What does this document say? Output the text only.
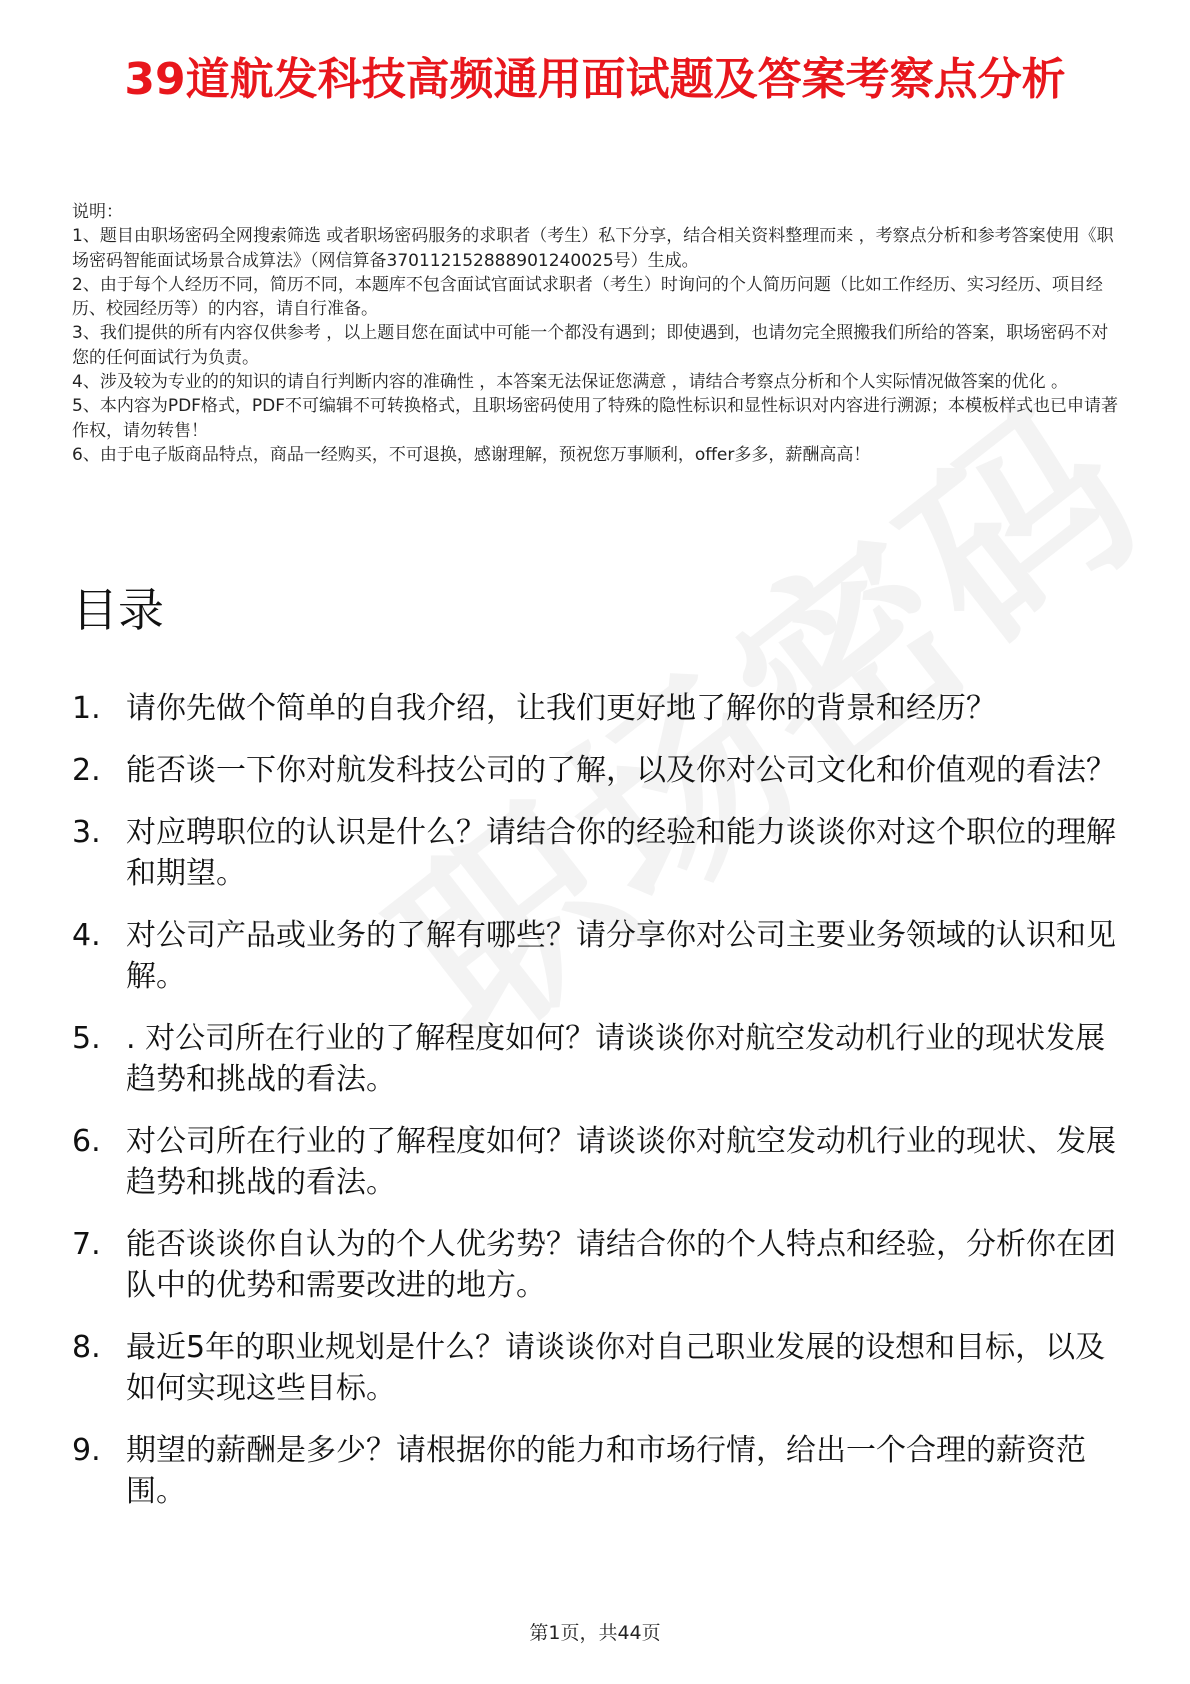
39道航发科技高频通用面试题及答案考察点分析

说明：

1、题目由职场密码全网搜索筛选 或者职场密码服务的求职者（考生）私下分享，结合相关资料整理而来 ，考察点分析和参考答案使用《职场密码智能面试场景合成算法》（网信算备370112152888901240025号）生成。

2、由于每个人经历不同，简历不同，本题库不包含面试官面试求职者（考生）时询问的个人简历问题（比如工作经历、实习经历、项目经历、校园经历等）的内容，请自行准备。

3、我们提供的所有内容仅供参考 ，以上题目您在面试中可能一个都没有遇到；即使遇到，也请勿完全照搬我们所给的答案，职场密码不对您的任何面试行为负责。

4、涉及较为专业的的知识的请自行判断内容的准确性 ，本答案无法保证您满意 ，请结合考察点分析和个人实际情况做答案的优化 。

5、本内容为PDF格式，PDF不可编辑不可转换格式，且职场密码使用了特殊的隐性标识和显性标识对内容进行溯源；本模板样式也已申请著作权，请勿转售！

6、由于电子版商品特点，商品一经购买，不可退换，感谢理解，预祝您万事顺利，offer多多，薪酬高高！

目录
1. 请你先做个简单的自我介绍，让我们更好地了解你的背景和经历？
2. 能否谈一下你对航发科技公司的了解，以及你对公司文化和价值观的看法？
3. 对应聘职位的认识是什么？请结合你的经验和能力谈谈你对这个职位的理解和期望。
4. 对公司产品或业务的了解有哪些？请分享你对公司主要业务领域的认识和见解。
5. . 对公司所在行业的了解程度如何？请谈谈你对航空发动机行业的现状发展趋势和挑战的看法。
6. 对公司所在行业的了解程度如何？请谈谈你对航空发动机行业的现状、发展趋势和挑战的看法。
7. 能否谈谈你自认为的个人优劣势？请结合你的个人特点和经验，分析你在团队中的优势和需要改进的地方。
8. 最近5年的职业规划是什么？请谈谈你对自己职业发展的设想和目标，以及如何实现这些目标。
9. 期望的薪酬是多少？请根据你的能力和市场行情，给出一个合理的薪资范围。
第1页，共44页
